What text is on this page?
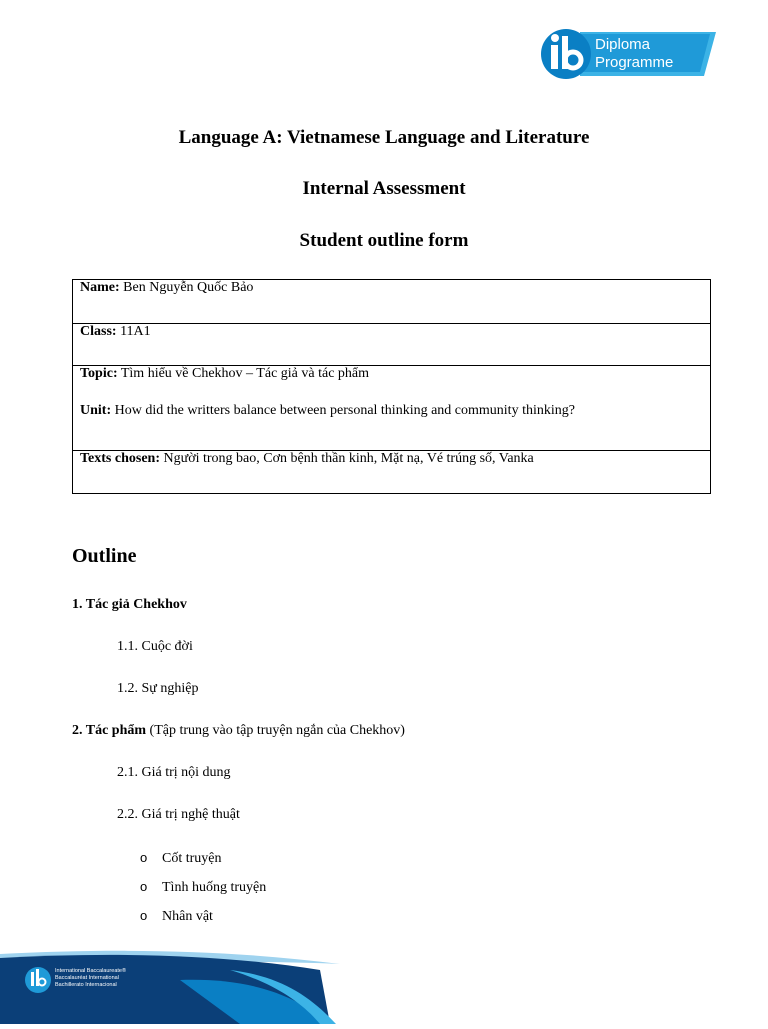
Diploma
Programme
Language A: Vietnamese Language and Literature
Internal Assessment
Student outline form
Name: Ben Nguyễn Quốc Bảo
Class: 11A1

Topic: Tìm hiểu về Chekhov – Tác giả và tác phẩm
Unit: How did the writters balance between personal thinking and community thinking?

Texts chosen: Người trong bao, Cơn bệnh thần kinh, Mặt nạ, Vé trúng số, Vanka
Outline
1. Tác giả Chekhov
1.1. Cuộc đời
1.2. Sự nghiệp
2. Tác phẩm (Tập trung vào tập truyện ngắn của Chekhov)
2.1. Giá trị nội dung
2.2. Giá trị nghệ thuật
o Cốt truyện
o Tình huống truyện
o Nhân vật
International Baccalaureate®
Baccalauréat International
Bachillerato Internacional
